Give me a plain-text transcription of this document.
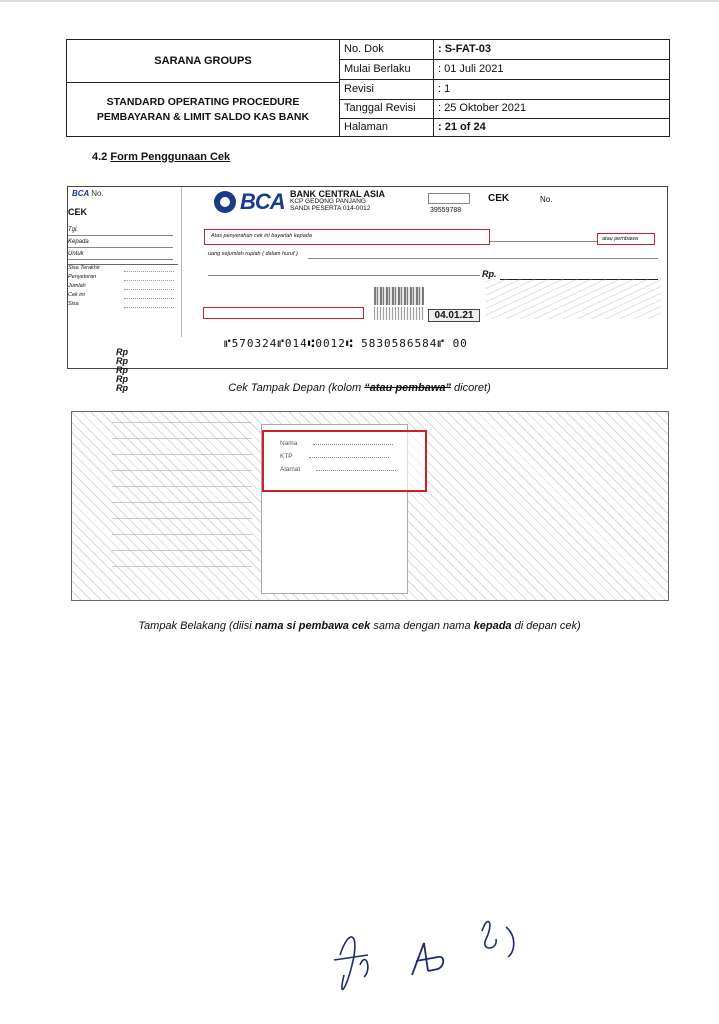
SARANA GROUPS
STANDARD OPERATING PROCEDURE
PEMBAYARAN & LIMIT SALDO KAS BANK
No. Dok	: S-FAT-03
Mulai Berlaku	: 01 Juli 2021
Revisi	: 1
Tanggal Revisi	: 25 Oktober 2021
Halaman	: 21 of 24
4.2 Form Penggunaan Cek
BCA No.
CEK
Tgl.
Kepada
Untuk
Sisa Terakhir
Rp
Penyetoran
Rp
Jumlah
Rp
Cek ini
Rp
Sisa
Rp
BCA BANK CENTRAL ASIA
KCP GEDONG PANJANG
SANDI PESERTA 014-0012	39559788
CEK	No.
Atas penyerahan cek ini bayarlah kepada	atau pembawa
uang sejumlah rupiah ( dalam huruf )
Rp.
04.01.21
⑈570324⑈014⑆0012⑆ 5830586584⑈ 00
Cek Tampak Depan (kolom “atau pembawa” dicoret)
Nama
KTP
Alamat
Tampak Belakang (diisi nama si pembawa cek sama dengan nama kepada di depan cek)
